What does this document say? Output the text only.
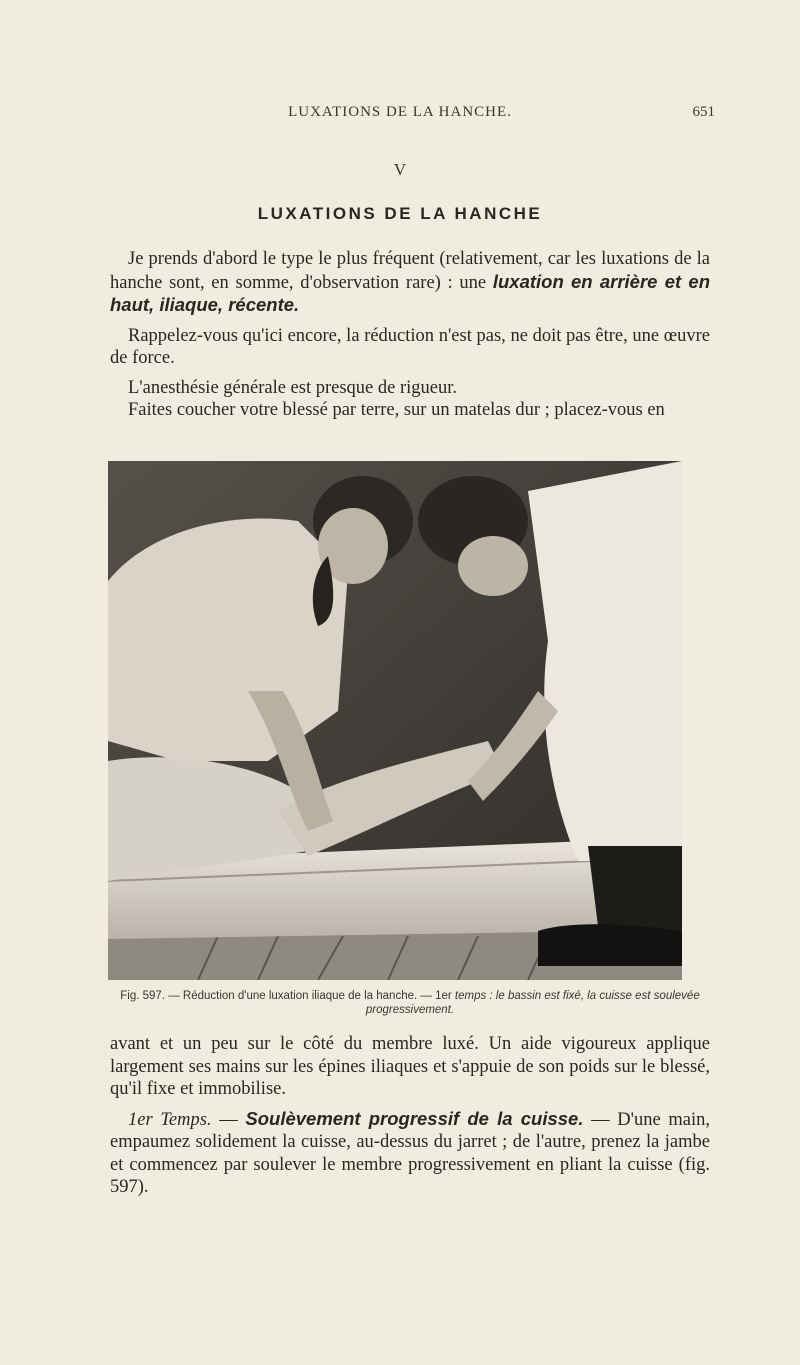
LUXATIONS DE LA HANCHE.	651
V
LUXATIONS DE LA HANCHE

Je prends d'abord le type le plus fréquent (relativement, car les luxations de la hanche sont, en somme, d'observation rare) : une luxation en arrière et en haut, iliaque, récente.

Rappelez-vous qu'ici encore, la réduction n'est pas, ne doit pas être, une œuvre de force.

L'anesthésie générale est presque de rigueur.

Faites coucher votre blessé par terre, sur un matelas dur ; placez-vous en

Fig. 597. — Réduction d'une luxation iliaque de la hanche. — 1er temps : le bassin est fixé, la cuisse est soulevée progressivement.

avant et un peu sur le côté du membre luxé. Un aide vigoureux applique largement ses mains sur les épines iliaques et s'appuie de son poids sur le blessé, qu'il fixe et immobilise.

1er Temps. — Soulèvement progressif de la cuisse. — D'une main, empaumez solidement la cuisse, au-dessus du jarret ; de l'autre, prenez la jambe et commencez par soulever le membre progressivement en pliant la cuisse (fig. 597).
